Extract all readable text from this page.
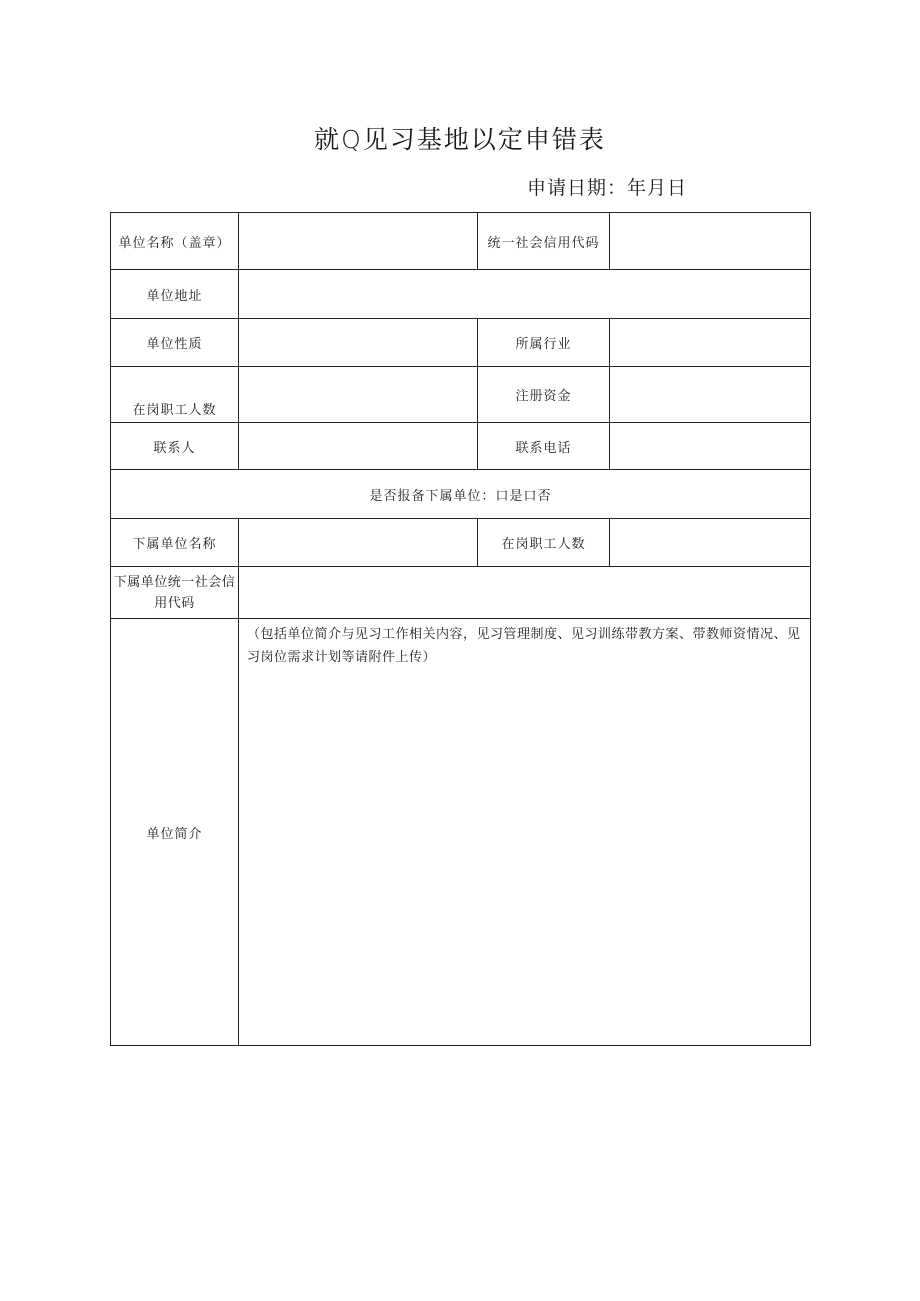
就Q见习基地以定申错表
申请日期：年月日
单位名称（盖章）		统一社会信用代码	
单位地址			
单位性质		所属行业	
在岗职工人数		注册资金	
联系人		联系电话	
是否报备下属单位：口是口否			
下属单位名称		在岗职工人数	
下属单位统一社会信用代码			
单位简介	（包括单位简介与见习工作相关内容，见习管理制度、见习训练带教方案、带教师资情况、见习岗位需求计划等请附件上传）		
